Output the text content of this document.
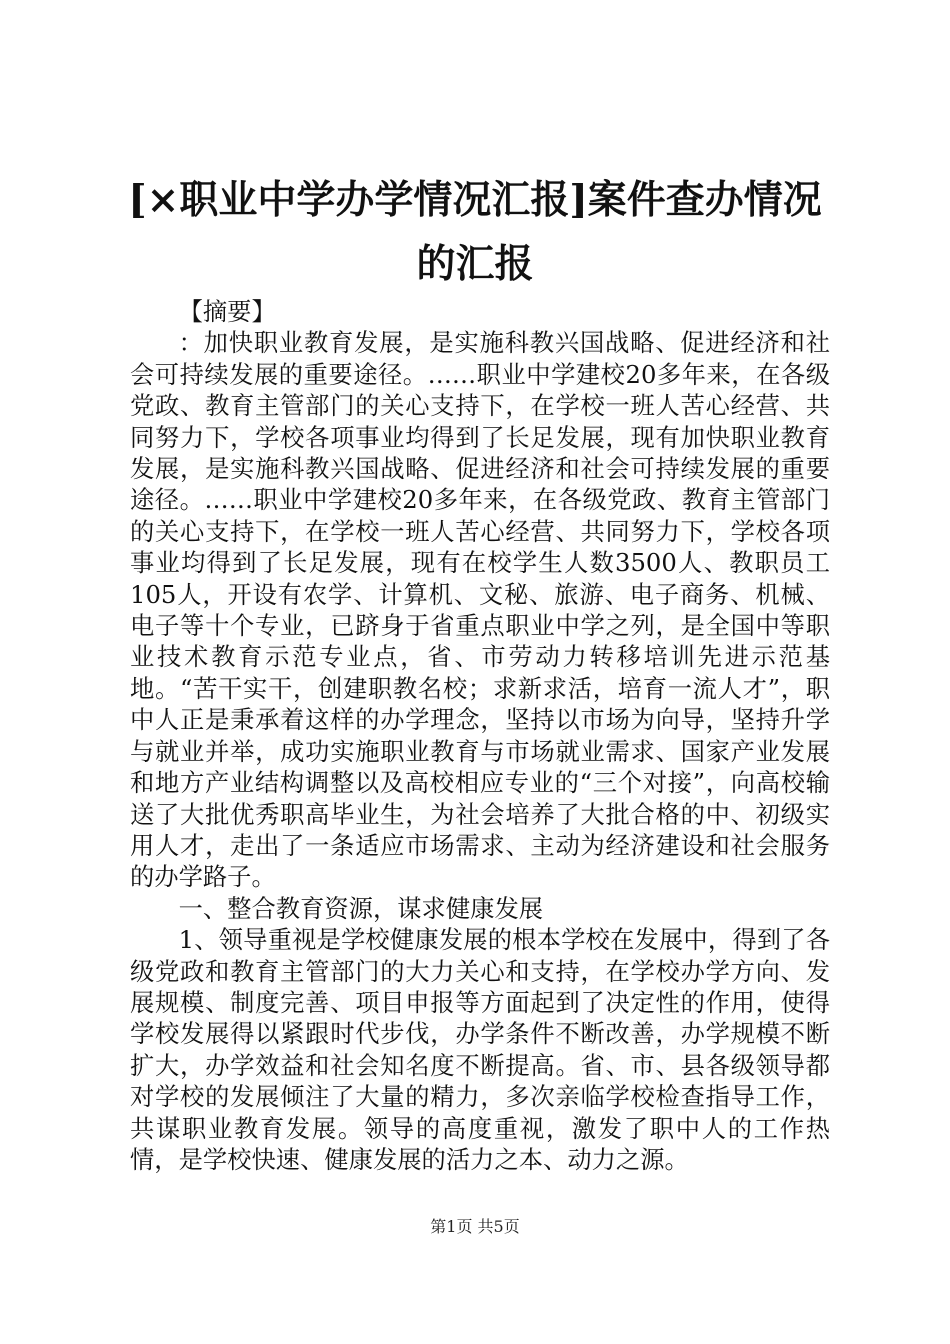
[×职业中学办学情况汇报]案件查办情况的汇报

【摘要】

：加快职业教育发展，是实施科教兴国战略、促进经济和社会可持续发展的重要途径。……职业中学建校20多年来，在各级党政、教育主管部门的关心支持下，在学校一班人苦心经营、共同努力下，学校各项事业均得到了长足发展，现有加快职业教育发展，是实施科教兴国战略、促进经济和社会可持续发展的重要途径。……职业中学建校20多年来，在各级党政、教育主管部门的关心支持下，在学校一班人苦心经营、共同努力下，学校各项事业均得到了长足发展，现有在校学生人数3500人、教职员工105人，开设有农学、计算机、文秘、旅游、电子商务、机械、电子等十个专业，已跻身于省重点职业中学之列，是全国中等职业技术教育示范专业点，省、市劳动力转移培训先进示范基地。“苦干实干，创建职教名校；求新求活，培育一流人才”，职中人正是秉承着这样的办学理念，坚持以市场为向导，坚持升学与就业并举，成功实施职业教育与市场就业需求、国家产业发展和地方产业结构调整以及高校相应专业的“三个对接”，向高校输送了大批优秀职高毕业生，为社会培养了大批合格的中、初级实用人才，走出了一条适应市场需求、主动为经济建设和社会服务的办学路子。

一、整合教育资源，谋求健康发展

1、领导重视是学校健康发展的根本学校在发展中，得到了各级党政和教育主管部门的大力关心和支持，在学校办学方向、发展规模、制度完善、项目申报等方面起到了决定性的作用，使得学校发展得以紧跟时代步伐，办学条件不断改善，办学规模不断扩大，办学效益和社会知名度不断提高。省、市、县各级领导都对学校的发展倾注了大量的精力，多次亲临学校检查指导工作，共谋职业教育发展。领导的高度重视，激发了职中人的工作热情，是学校快速、健康发展的活力之本、动力之源。

第1页 共5页
